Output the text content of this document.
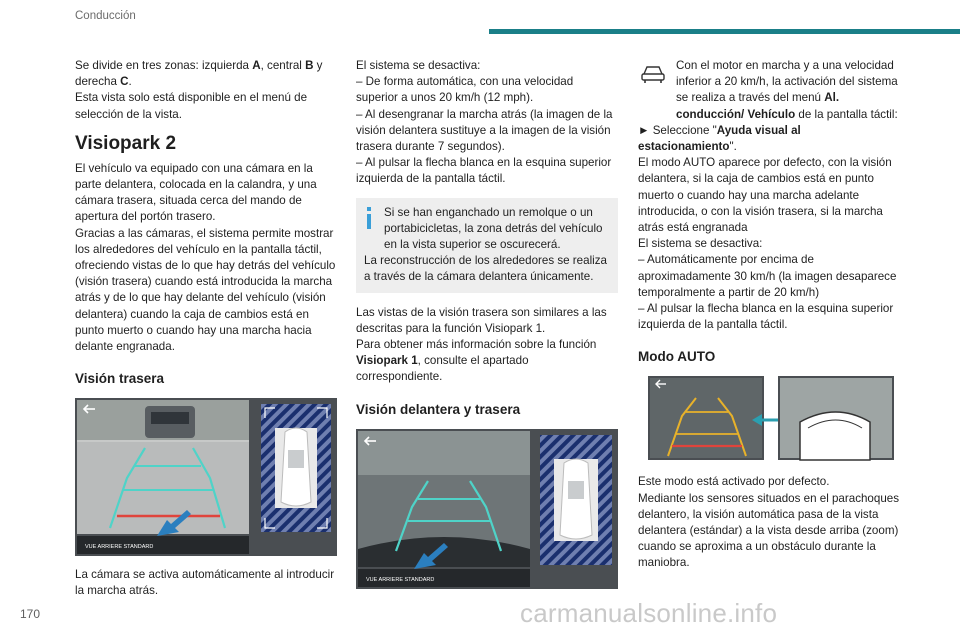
Conducción

Se divide en tres zonas: izquierda A, central B y derecha C.

Esta vista solo está disponible en el menú de selección de la vista.

Visiopark 2

El vehículo va equipado con una cámara en la parte delantera, colocada en la calandra, y una cámara trasera, situada cerca del mando de apertura del portón trasero.

Gracias a las cámaras, el sistema permite mostrar los alrededores del vehículo en la pantalla táctil, ofreciendo vistas de lo que hay detrás del vehículo (visión trasera) cuando está introducida la marcha atrás y de lo que hay delante del vehículo (visión delantera) cuando la caja de cambios está en punto muerto o cuando hay una marcha hacia delante engranada.

Visión trasera
VUE ARRIERE STANDARD

La cámara se activa automáticamente al introducir la marcha atrás.

El sistema se desactiva:

– De forma automática, con una velocidad superior a unos 20 km/h (12 mph).

– Al desengranar la marcha atrás (la imagen de la visión delantera sustituye a la imagen de la visión trasera durante 7 segundos).

– Al pulsar la flecha blanca en la esquina superior izquierda de la pantalla táctil.

Si se han enganchado un remolque o un portabicicletas, la zona detrás del vehículo en la vista superior se oscurecerá.

La reconstrucción de los alrededores se realiza a través de la cámara delantera únicamente.

Las vistas de la visión trasera son similares a las descritas para la función Visiopark 1.

Para obtener más información sobre la función Visiopark 1, consulte el apartado correspondiente.

Visión delantera y trasera
VUE ARRIERE STANDARD

Con el motor en marcha y a una velocidad inferior a 20 km/h, la activación del sistema se realiza a través del menú Al. conducción/ Vehículo de la pantalla táctil:

► Seleccione "Ayuda visual al estacionamiento".

El modo AUTO aparece por defecto, con la visión delantera, si la caja de cambios está en punto muerto o cuando hay una marcha adelante introducida, o con la visión trasera, si la marcha atrás está engranada

El sistema se desactiva:

– Automáticamente por encima de aproximadamente 30 km/h (la imagen desaparece temporalmente a partir de 20 km/h)

– Al pulsar la flecha blanca en la esquina superior izquierda de la pantalla táctil.

Modo AUTO

Este modo está activado por defecto.

Mediante los sensores situados en el parachoques delantero, la visión automática pasa de la vista delantera (estándar) a la vista desde arriba (zoom) cuando se aproxima a un obstáculo durante la maniobra.

170	carmanualsonline.info
